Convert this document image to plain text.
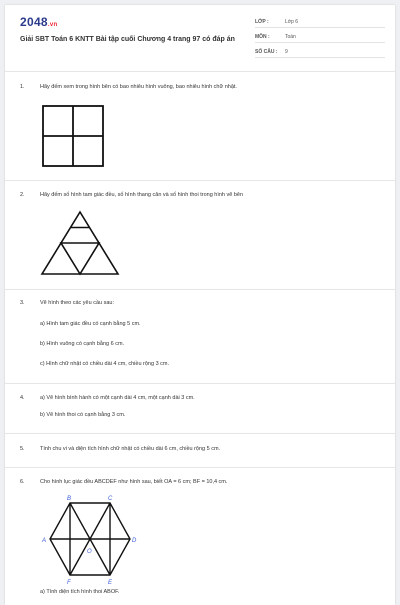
2048.vn
Giải SBT Toán 6 KNTT Bài tập cuối Chương 4 trang 97 có đáp án
LỚP :	Lớp 6
MÔN :	Toán
SỐ CÂU : 9
1.	Hãy đếm xem trong hình bên có bao nhiêu hình vuông, bao nhiêu hình chữ nhật.
2.	Hãy đếm số hình tam giác đều, số hình thang cân và số hình thoi trong hình vẽ bên
3.	Vẽ hình theo các yêu cầu sau:
a) Hình tam giác đều có cạnh bằng 5 cm.
b) Hình vuông có cạnh bằng 6 cm.
c) Hình chữ nhật có chiều dài 4 cm, chiều rộng 3 cm.
4.	a) Vẽ hình bình hành có một cạnh dài 4 cm, một cạnh dài 3 cm.
b) Vẽ hình thoi có cạnh bằng 3 cm.
5.	Tính chu vi và diện tích hình chữ nhật có chiều dài 6 cm, chiều rộng 5 cm.
6.	Cho hình lục giác đều ABCDEF như hình sau, biết OA = 6 cm; BF = 10,4 cm.
A
B	C
D
E
F
O
a) Tính diện tích hình thoi ABOF.
